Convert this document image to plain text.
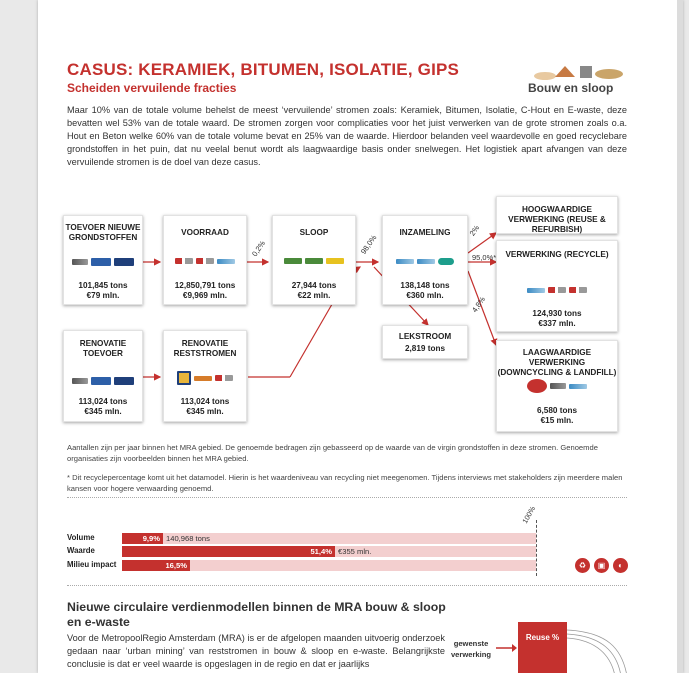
CASUS: KERAMIEK, BITUMEN, ISOLATIE, GIPS
Scheiden vervuilende fracties	Bouw en sloop
Maar 10% van de totale volume behelst de meest ‘vervuilende’ stromen zoals: Keramiek, Bitumen, Isolatie, C-Hout en E-waste, deze bevatten wel 53% van de totale waard. De stromen zorgen voor complicaties voor het juist verwerken van de grote stromen zoals o.a. Hout en Beton welke 60% van de totale volume bevat en 25% van de waarde. Hierdoor belanden veel waardevolle en goed recyclebare grondstoffen in het puin, dat nu veelal benut wordt als laagwaardige basis onder snelwegen. Het logistiek apart afvangen van deze vervuilende stromen is de doel van deze casus.
0,2%	98,0%
2%
95,0%*
4,8%
TOEVOER NIEUWE GRONDSTOFFEN
101,845 tons
€79 mln.
VOORRAAD
12,850,791 tons
€9,969 mln.
SLOOP
27,944 tons
€22 mln.
INZAMELING
138,148 tons
€360 mln.
LEKSTROOM
2,819 tons
HOOGWAARDIGE VERWERKING (REUSE & REFURBISH)
VERWERKING (RECYCLE)
124,930 tons
€337 mln.
LAAGWAARDIGE VERWERKING (DOWNCYCLING & LANDFILL)
6,580 tons
€15 mln.
RENOVATIE TOEVOER
113,024 tons
€345 mln.
RENOVATIE RESTSTROMEN
113,024 tons
€345 mln.
Aantallen zijn per jaar binnen het MRA gebied. De genoemde bedragen zijn gebasseerd op de waarde van de virgin grondstoffen in deze stromen. Genoemde organisaties zijn voorbeelden binnen het MRA gebied.
* Dit recyclepercentage komt uit het datamodel. Hierin is het waardeniveau van recycling niet meegenomen. Tijdens interviews met stakeholders zijn meerdere malen kansen voor hogere verwaarding genoemd.
100%
Volume	9,9% 140,968 tons
Waarde	51,4% €355 mln.
Milieu impact	16,5%	♻	▣	◐
Nieuwe circulaire verdienmodellen binnen de MRA bouw & sloop en e-waste
Voor de MetropoolRegio Amsterdam (MRA) is er de afgelopen maanden uitvoerig onderzoek gedaan naar ‘urban mining’ van reststromen in bouw & sloop en e-waste. Belangrijkste conclusie is dat er veel waarde is opgeslagen in de regio en dat er jaarlijks
gewenste verwerking
Reuse %
